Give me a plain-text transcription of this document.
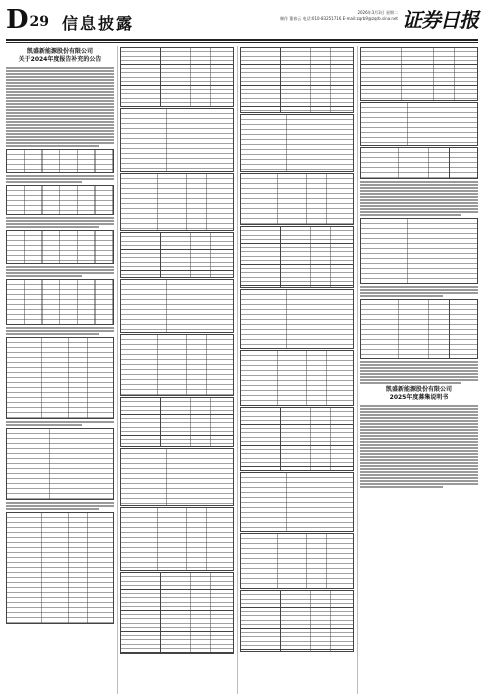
D29 信息披露
2026年3月3日 星期二
制作 董春云 电话:010-83251716 E-mail:zqrb9@zqrb.sina.net 证券日报
凯盛新能源股份有限公司
关于2024年度报告补充的公告
凯盛新能源股份有限公司
2025年度募集说明书
